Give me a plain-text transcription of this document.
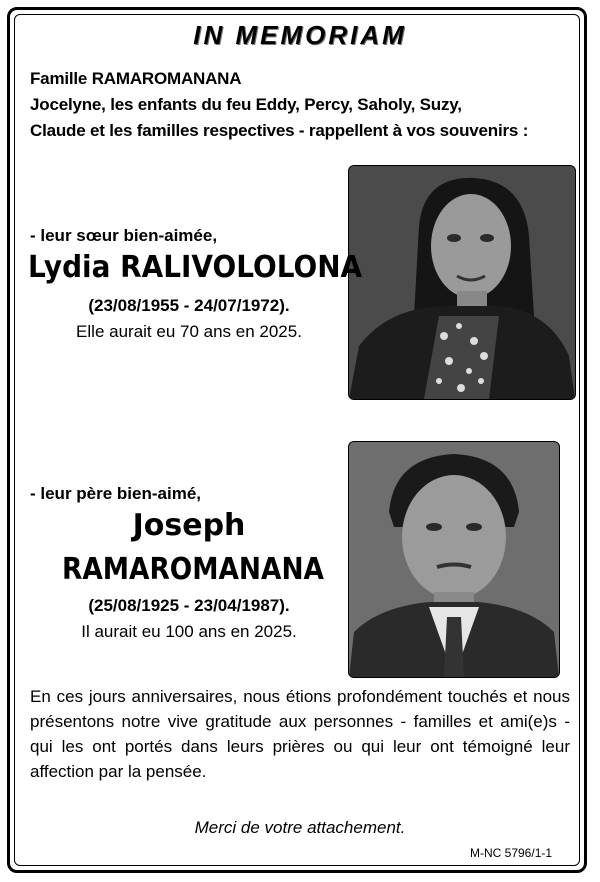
IN MEMORIAM
Famille RAMAROMANANA
Jocelyne, les enfants du feu Eddy, Percy, Saholy, Suzy,
Claude et les familles respectives - rappellent à vos souvenirs :
- leur sœur bien-aimée,
Lydia RALIVOLOLONA
(23/08/1955 - 24/07/1972).
Elle aurait eu 70 ans en 2025.
- leur père bien-aimé,
Joseph
RAMAROMANANA
(25/08/1925 - 23/04/1987).
Il aurait eu 100 ans en 2025.
En ces jours anniversaires, nous étions profondément touchés et nous présentons notre vive gratitude aux personnes - familles et ami(e)s - qui les ont portés dans leurs prières ou qui leur ont témoigné leur affection par la pensée.
Merci de votre attachement.
M-NC 5796/1-1
